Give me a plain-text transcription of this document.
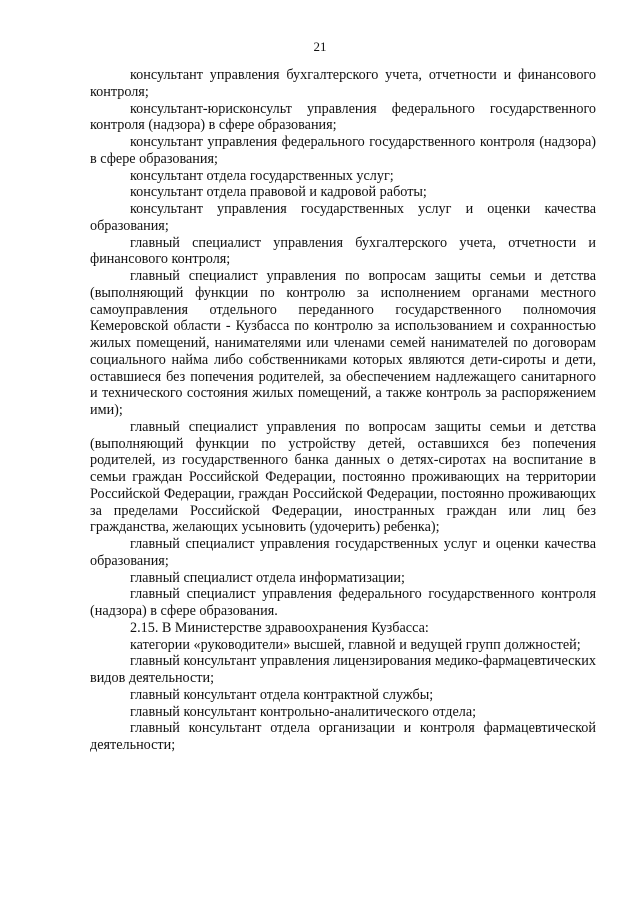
21

консультант управления бухгалтерского учета, отчетности и финансового контроля;

консультант-юрисконсульт управления федерального государственного контроля (надзора) в сфере образования;

консультант управления федерального государственного контроля (надзора) в сфере образования;

консультант отдела государственных услуг;

консультант отдела правовой и кадровой работы;

консультант управления государственных услуг и оценки качества образования;

главный специалист управления бухгалтерского учета, отчетности и финансового контроля;

главный специалист управления по вопросам защиты семьи и детства (выполняющий функции по контролю за исполнением органами местного самоуправления отдельного переданного государственного полномочия Кемеровской области - Кузбасса по контролю за использованием и сохранностью жилых помещений, нанимателями или членами семей нанимателей по договорам социального найма либо собственниками которых являются дети-сироты и дети, оставшиеся без попечения родителей, за обеспечением надлежащего санитарного и технического состояния жилых помещений, а также контроль за распоряжением ими);

главный специалист управления по вопросам защиты семьи и детства (выполняющий функции по устройству детей, оставшихся без попечения родителей, из государственного банка данных о детях-сиротах на воспитание в семьи граждан Российской Федерации, постоянно проживающих на территории Российской Федерации, граждан Российской Федерации, постоянно проживающих за пределами Российской Федерации, иностранных граждан или лиц без гражданства, желающих усыновить (удочерить) ребенка);

главный специалист управления государственных услуг и оценки качества образования;

главный специалист отдела информатизации;

главный специалист управления федерального государственного контроля (надзора) в сфере образования.

2.15. В Министерстве здравоохранения Кузбасса:

категории «руководители» высшей, главной и ведущей групп должностей;

главный консультант управления лицензирования медико-фармацевтических видов деятельности;

главный консультант отдела контрактной службы;

главный консультант контрольно-аналитического отдела;

главный консультант отдела организации и контроля фармацевтической деятельности;
